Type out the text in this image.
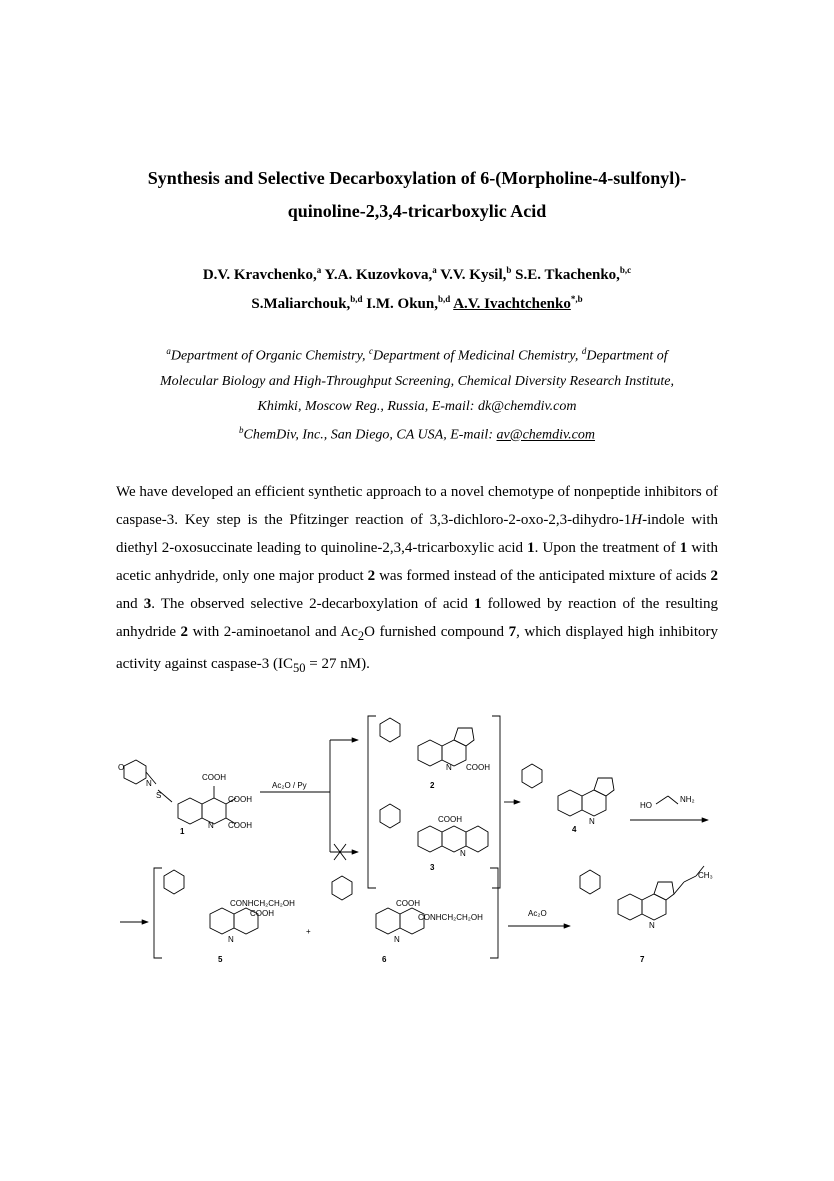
Synthesis and Selective Decarboxylation of 6-(Morpholine-4-sulfonyl)-
quinoline-2,3,4-tricarboxylic Acid
D.V. Kravchenko,$^a$ Y.A. Kuzovkova,$^a$ V.V. Kysil,$^b$ S.E. Tkachenko,$^{b,c}$
S.Maliarchouk,$^{b,d}$ I.M. Okun,$^{b,d}$ A.V. Ivachtchenko$^{*,b}$
$^a$Department of Organic Chemistry, $^c$Department of Medicinal Chemistry, $^d$Department of
Molecular Biology and High-Throughput Screening, Chemical Diversity Research Institute,
Khimki, Moscow Reg., Russia, E-mail: dk@chemdiv.com
$^b$ChemDiv, Inc., San Diego, CA USA, E-mail: av@chemdiv.com

We have developed an efficient synthetic approach to a novel chemotype of nonpeptide inhibitors of caspase-3. Key step is the Pfitzinger reaction of 3,3-dichloro-2-oxo-2,3-dihydro-1H-indole with diethyl 2-oxosuccinate leading to quinoline-2,3,4-tricarboxylic acid 1. Upon the treatment of 1 with acetic anhydride, only one major product 2 was formed instead of the anticipated mixture of acids 2 and 3. The observed selective 2-decarboxylation of acid 1 followed by reaction of the resulting anhydride 2 with 2-aminoetanol and $Ac_2O$ furnished compound 7, which displayed high inhibitory activity against caspase-3 ($IC_{50} = 27$ nM).

O
N
S
COOH
COOH
COOH
N
Ac₂O / Py
COOH
N
COOH
N
N
HO
NH₂
CONHCH₂CH₂OH
COOH
N
+
COOH
CONHCH₂CH₂OH
N
Ac₂O
N
CH₃
1
2
3
4
5	6	7
